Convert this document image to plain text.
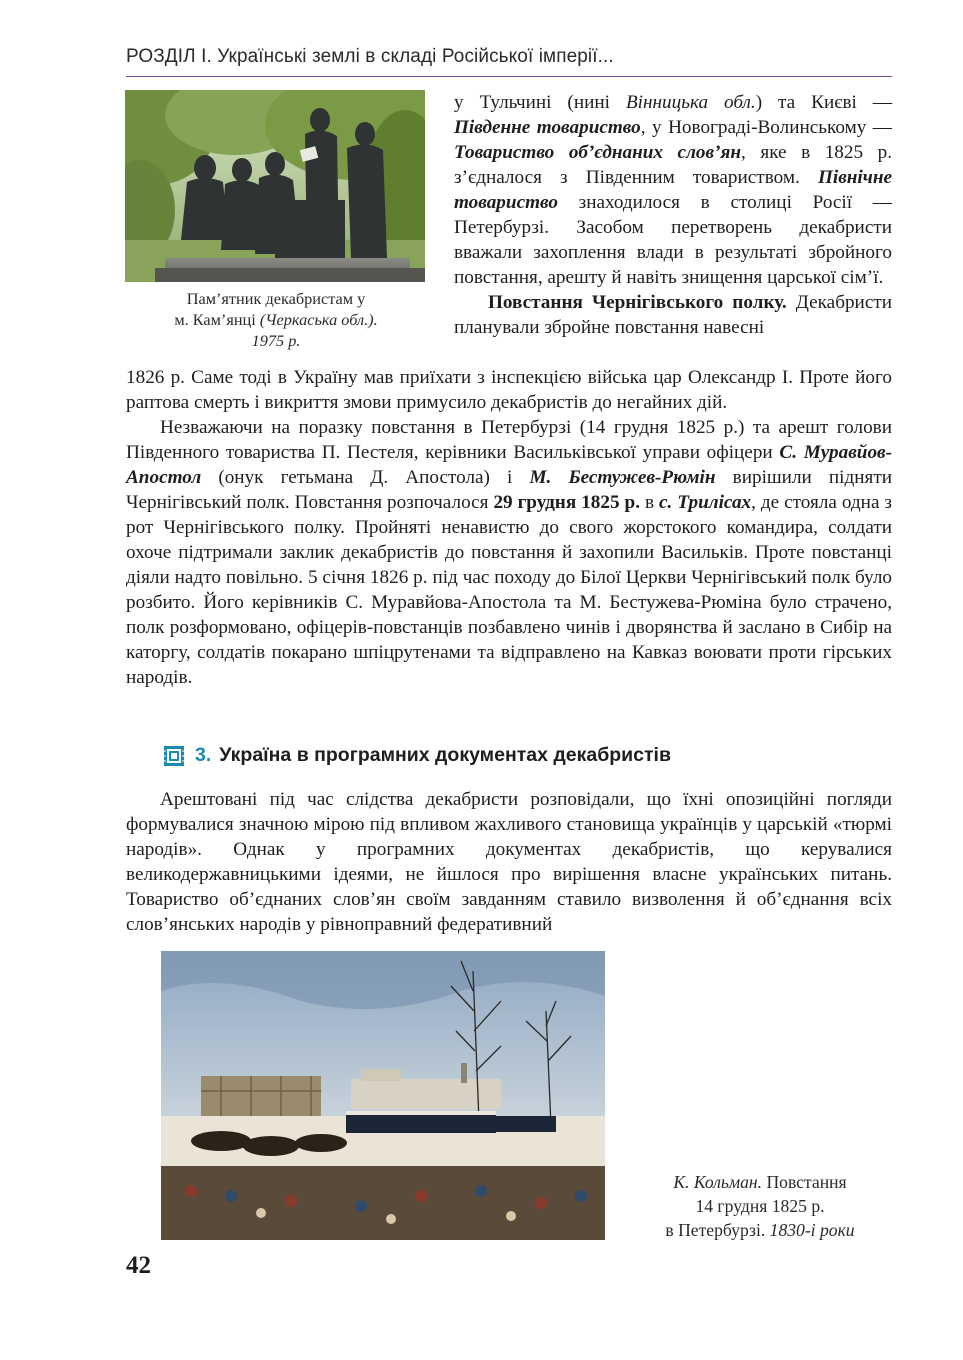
РОЗДІЛ І. Українські землі в складі Російської імперії...
Пам’ятник декабристам у
м. Кам’янці (Черкаська обл.).
1975 р.

у Тульчині (нині Вінницька обл.) та Києві — Південне товариство, у Новограді-Волинському — Товариство об’єднаних слов’ян, яке в 1825 р. з’єдналося з Південним товариством. Північне товариство знаходилося в столиці Росії — Петербурзі. Засобом перетворень декабристи вважали захоплення влади в результаті збройного повстання, арешту й навіть знищення царської сім’ї.

Повстання Чернігівського полку. Декабристи планували збройне повстання навесні

1826 р. Саме тоді в Україну мав приїхати з інспекцією війська цар Олександр І. Проте його раптова смерть і викриття змови примусило декабристів до негайних дій.

Незважаючи на поразку повстання в Петербурзі (14 грудня 1825 р.) та арешт голови Південного товариства П. Пестеля, керівники Васильківської управи офіцери С. Муравйов-Апостол (онук гетьмана Д. Апостола) і М. Бестужев-Рюмін вирішили підняти Чернігівський полк. Повстання розпочалося 29 грудня 1825 р. в с. Трилісах, де стояла одна з рот Чернігівського полку. Пройняті ненавистю до свого жорстокого командира, солдати охоче підтримали заклик декабристів до повстання й захопили Васильків. Проте повстанці діяли надто повільно. 5 січня 1826 р. під час походу до Білої Церкви Чернігівський полк було розбито. Його керівників С. Муравйова-Апостола та М. Бестужева-Рюміна було страчено, полк розформовано, офіцерів-повстанців позбавлено чинів і дворянства й заслано в Сибір на каторгу, солдатів покарано шпіцрутенами та відправлено на Кавказ воювати проти гірських народів.

3. Україна в програмних документах декабристів

Арештовані під час слідства декабристи розповідали, що їхні опозиційні погляди формувалися значною мірою під впливом жахливого становища українців у царській «тюрмі народів». Однак у програмних документах декабристів, що керувалися великодержавницькими ідеями, не йшлося про вирішення власне українських питань. Товариство об’єднаних слов’ян своїм завданням ставило визволення й об’єднання всіх слов’янських народів у рівноправний федеративний

К. Кольман. Повстання
14 грудня 1825 р.
в Петербурзі. 1830-і роки
42
